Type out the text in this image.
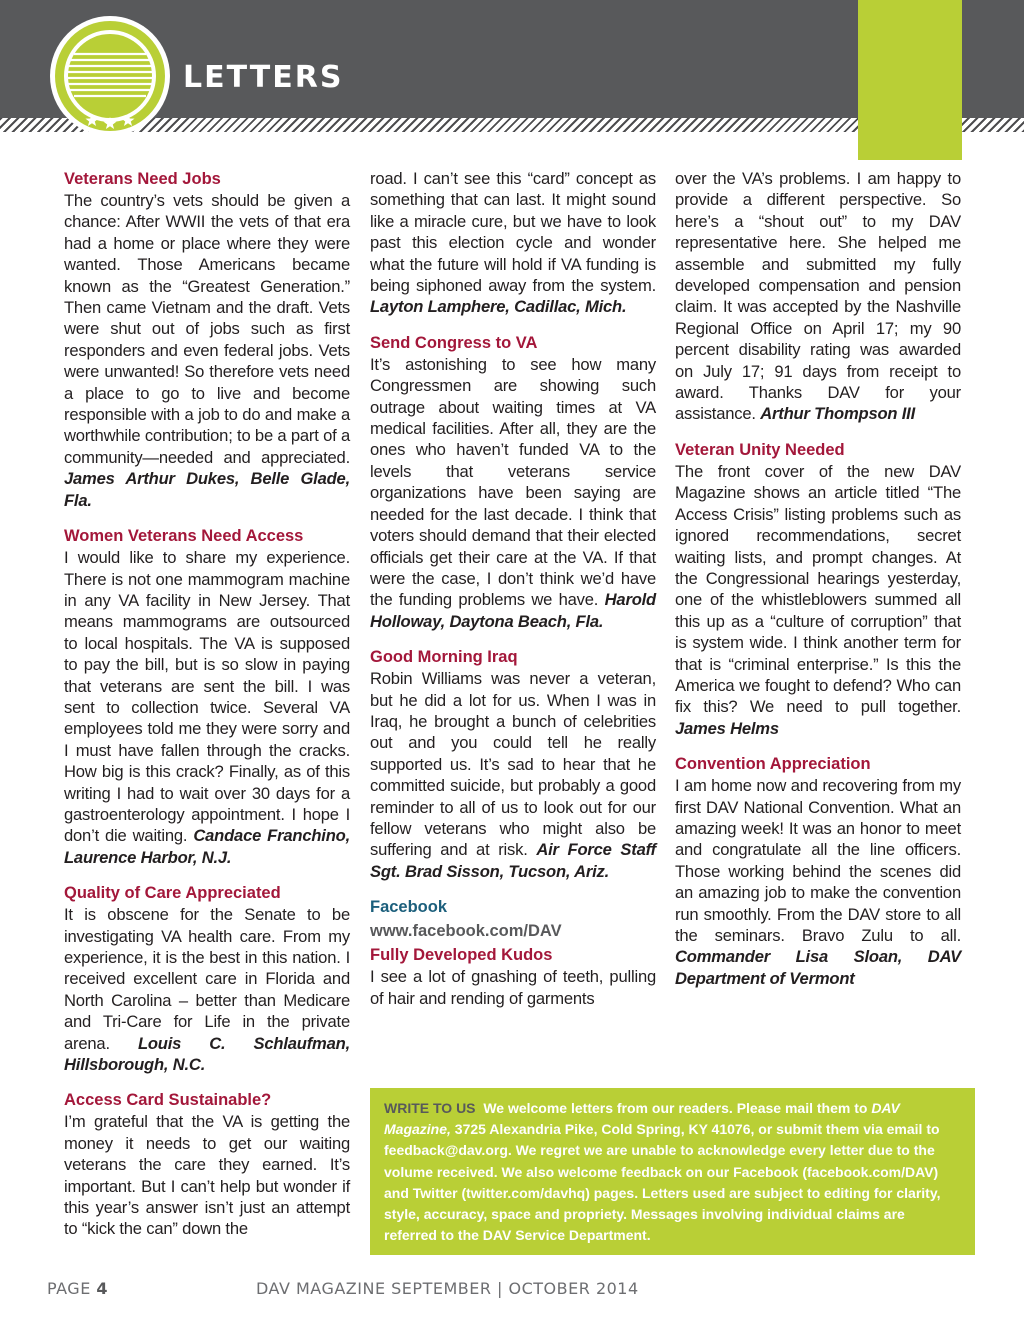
LETTERS

Veterans Need Jobs

The country’s vets should be given a chance: After WWII the vets of that era had a home or place where they were wanted. Those Americans became known as the “Greatest Generation.” Then came Vietnam and the draft. Vets were shut out of jobs such as first responders and even federal jobs. Vets were unwanted! So therefore vets need a place to go to live and become responsible with a job to do and make a worthwhile contribution; to be a part of a community—needed and appreciated. James Arthur Dukes, Belle Glade, Fla.

Women Veterans Need Access

I would like to share my experience. There is not one mammogram machine in any VA facility in New Jersey. That means mammograms are outsourced to local hospitals. The VA is supposed to pay the bill, but is so slow in paying that veterans are sent the bill. I was sent to collection twice. Several VA employees told me they were sorry and I must have fallen through the cracks. How big is this crack? Finally, as of this writing I had to wait over 30 days for a gastroenterology appointment. I hope I don’t die waiting. Candace Franchino, Laurence Harbor, N.J.

Quality of Care Appreciated

It is obscene for the Senate to be investigating VA health care. From my experience, it is the best in this nation. I received excellent care in Florida and North Carolina – better than Medicare and Tri-Care for Life in the private arena. Louis C. Schlaufman, Hillsborough, N.C.

Access Card Sustainable?

I’m grateful that the VA is getting the money it needs to get our waiting veterans the care they earned. It’s important. But I can’t help but wonder if this year’s answer isn’t just an attempt to “kick the can” down the

road. I can’t see this “card” concept as something that can last. It might sound like a miracle cure, but we have to look past this election cycle and wonder what the future will hold if VA funding is being siphoned away from the system. Layton Lamphere, Cadillac, Mich.

Send Congress to VA

It’s astonishing to see how many Congressmen are showing such outrage about waiting times at VA medical facilities. After all, they are the ones who haven’t funded VA to the levels that veterans service organizations have been saying are needed for the last decade. I think that voters should demand that their elected officials get their care at the VA. If that were the case, I don’t think we’d have the funding problems we have. Harold Holloway, Daytona Beach, Fla.

Good Morning Iraq

Robin Williams was never a veteran, but he did a lot for us. When I was in Iraq, he brought a bunch of celebrities out and you could tell he really supported us. It’s sad to hear that he committed suicide, but probably a good reminder to all of us to look out for our fellow veterans who might also be suffering and at risk. Air Force Staff Sgt. Brad Sisson, Tucson, Ariz.

Facebook

www.facebook.com/DAV

Fully Developed Kudos

I see a lot of gnashing of teeth, pulling of hair and rending of garments

over the VA’s problems. I am happy to provide a different perspective. So here’s a “shout out” to my DAV representative here. She helped me assemble and submitted my fully developed compensation and pension claim. It was accepted by the Nashville Regional Office on April 17; my 90 percent disability rating was awarded on July 17; 91 days from receipt to award. Thanks DAV for your assistance. Arthur Thompson III

Veteran Unity Needed

The front cover of the new DAV Magazine shows an article titled “The Access Crisis” listing problems such as ignored recommendations, secret waiting lists, and prompt changes. At the Congressional hearings yesterday, one of the whistleblowers summed all this up as a “culture of corruption” that is system wide. I think another term for that is “criminal enterprise.” Is this the America we fought to defend? Who can fix this? We need to pull together. James Helms

Convention Appreciation

I am home now and recovering from my first DAV National Convention. What an amazing week! It was an honor to meet and congratulate all the line officers. Those working behind the scenes did an amazing job to make the convention run smoothly. From the DAV store to all the seminars. Bravo Zulu to all. Commander Lisa Sloan, DAV Department of Vermont

WRITE TO US We welcome letters from our readers. Please mail them to DAV Magazine, 3725 Alexandria Pike, Cold Spring, KY 41076, or submit them via email to feedback@dav.org. We regret we are unable to acknowledge every letter due to the volume received. We also welcome feedback on our Facebook (facebook.com/DAV) and Twitter (twitter.com/davhq) pages. Letters used are subject to editing for clarity, style, accuracy, space and propriety. Messages involving individual claims are referred to the DAV Service Department.

PAGE 4	DAV MAGAZINE SEPTEMBER | OCTOBER 2014
